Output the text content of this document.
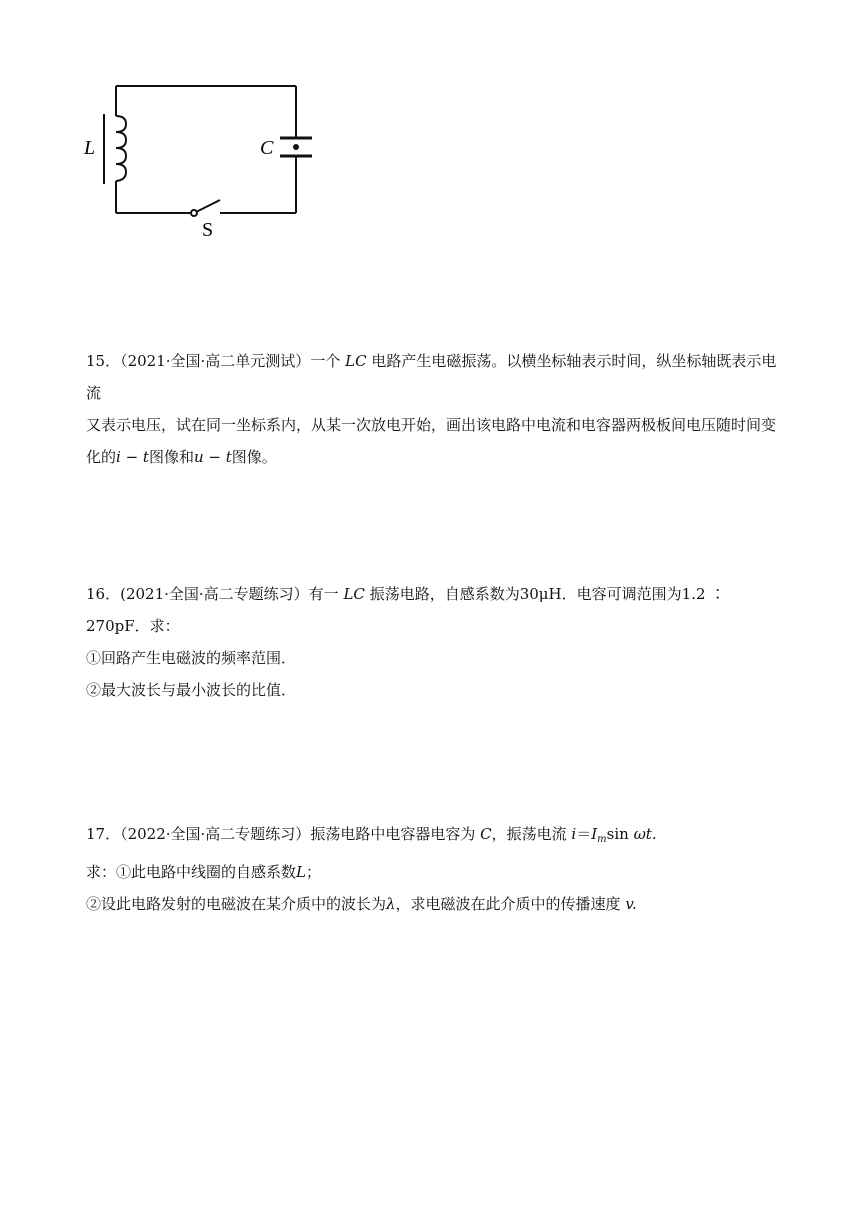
L	C
S

15．（2021·全国·高二单元测试）一个 LC 电路产生电磁振荡。以横坐标轴表示时间，纵坐标轴既表示电流

又表示电压，试在同一坐标系内，从某一次放电开始，画出该电路中电流和电容器两极板间电压随时间变

化的i − t图像和u − t图像。

16．(2021·全国·高二专题练习）有一 LC 振荡电路，自感系数为30μH．电容可调范围为1.2 ∶ 270pF．求：

①回路产生电磁波的频率范围．

②最大波长与最小波长的比值．

17．（2022·全国·高二专题练习）振荡电路中电容器电容为 C，振荡电流 $i=I_m\sin$ ωt.

求：①此电路中线圈的自感系数L；

②设此电路发射的电磁波在某介质中的波长为λ，求电磁波在此介质中的传播速度 v.
